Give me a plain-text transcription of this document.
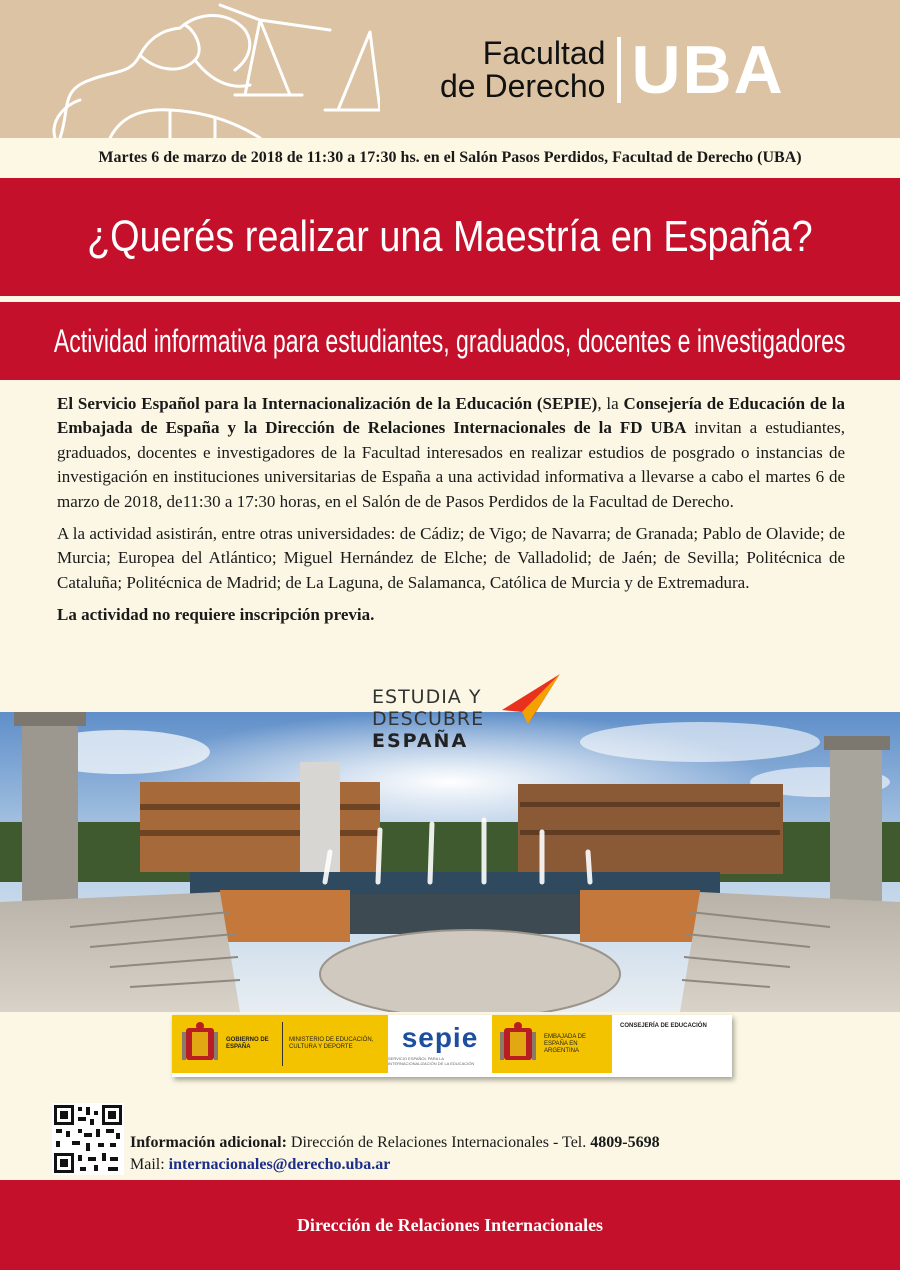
Facultad
de Derecho UBA
Martes 6 de marzo de 2018 de 11:30 a 17:30 hs. en el Salón Pasos Perdidos, Facultad de Derecho (UBA)
¿Querés realizar una Maestría en España?
Actividad informativa para estudiantes, graduados, docentes e investigadores

El Servicio Español para la Internacionalización de la Educación (SEPIE), la Consejería de Educación de la Embajada de España y la Dirección de Relaciones Internacionales de la FD UBA invitan a estudiantes, graduados, docentes e investigadores de la Facultad interesados en realizar estudios de posgrado o instancias de investigación en instituciones universitarias de España a una actividad informativa a llevarse a cabo el martes 6 de marzo de 2018, de11:30 a 17:30 horas, en el Salón de de Pasos Perdidos de la Facultad de Derecho.

A la actividad asistirán, entre otras universidades: de Cádiz; de Vigo; de Navarra; de Granada; Pablo de Olavide; de Murcia; Europea del Atlántico; Miguel Hernández de Elche; de Valladolid; de Jaén; de Sevilla; Politécnica de Cataluña; Politécnica de Madrid; de La Laguna, de Salamanca, Católica de Murcia y de Extremadura.

La actividad no requiere inscripción previa.

ESTUDIA Y
DESCUBRE
ESPAÑA
GOBIERNO DE ESPAÑA
MINISTERIO DE EDUCACIÓN, CULTURA Y DEPORTE	sepie
SERVICIO ESPAÑOL PARA LA INTERNACIONALIZACIÓN DE LA EDUCACIÓN
EMBAJADA DE ESPAÑA EN ARGENTINA
CONSEJERÍA DE EDUCACIÓN
Información adicional: Dirección de Relaciones Internacionales - Tel. 4809-5698
Mail: internacionales@derecho.uba.ar
Dirección de Relaciones Internacionales
